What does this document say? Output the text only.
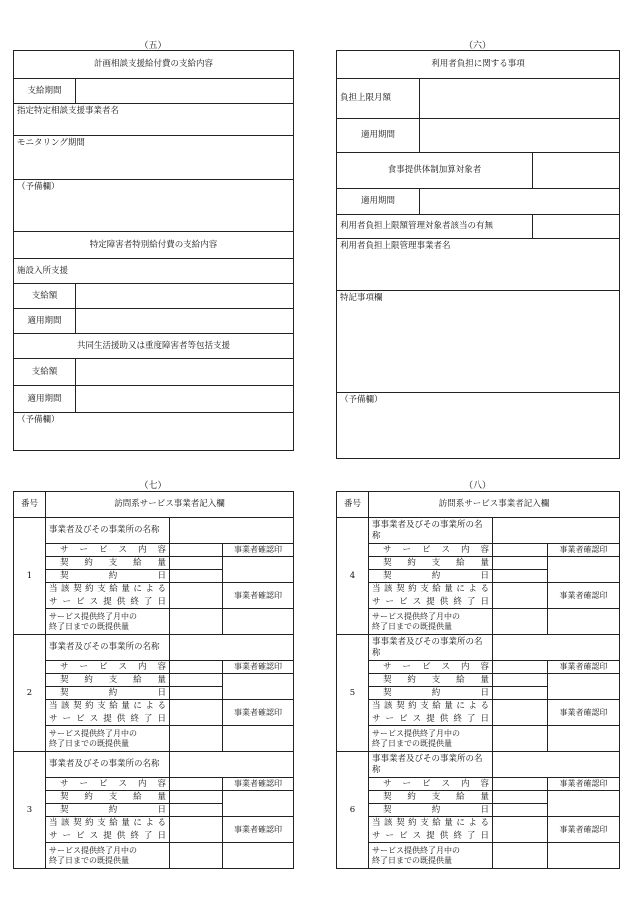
（五）
計画相談支援給付費の支給内容	
支給期間	
指定特定相談支援事業者名	
モニタリング期間	
（予備欄）	
特定障害者特別給付費の支給内容	
施設入所支援	
支給額	
適用期間	
共同生活援助又は重度障害者等包括支援	
支給額	
適用期間	
（予備欄）	
（六）
利用者負担に関する事項		
負担上限月額		
適用期間		
食事提供体制加算対象者		
適用期間		
利用者負担上限額管理対象者該当の有無		
利用者負担上限管理事業者名		
特記事項欄		
（予備欄）		
（七）
番号	訪問系サービス事業者記入欄		
1	事業者及びその事業所の名称		
	サービス内容		事業者確認印
	契約支給量		
	契約日		
	当該契約支給量による		事業者確認印
	サービス提供終了日		
	サービス提供終了月中の
終了日までの既提供量		
2	事業者及びその事業所の名称		
	サービス内容		事業者確認印
	契約支給量		
	契約日		
	当該契約支給量による		事業者確認印
	サービス提供終了日		
	サービス提供終了月中の
終了日までの既提供量		
3	事業者及びその事業所の名称		
	サービス内容		事業者確認印
	契約支給量		
	契約日		
	当該契約支給量による		事業者確認印
	サービス提供終了日		
	サービス提供終了月中の
終了日までの既提供量		
（八）
番号	訪問系サービス事業者記入欄		
4	事事業者及びその事業所の名称		
	サービス内容		事業者確認印
	契約支給量		
	契約日		
	当該契約支給量による		事業者確認印
	サービス提供終了日		
	サービス提供終了月中の
終了日までの既提供量		
5	事事業者及びその事業所の名称		
	サービス内容		事業者確認印
	契約支給量		
	契約日		
	当該契約支給量による		事業者確認印
	サービス提供終了日		
	サービス提供終了月中の
終了日までの既提供量		
6	事事業者及びその事業所の名称		
	サービス内容		事業者確認印
	契約支給量		
	契約日		
	当該契約支給量による		事業者確認印
	サービス提供終了日		
	サービス提供終了月中の
終了日までの既提供量		
